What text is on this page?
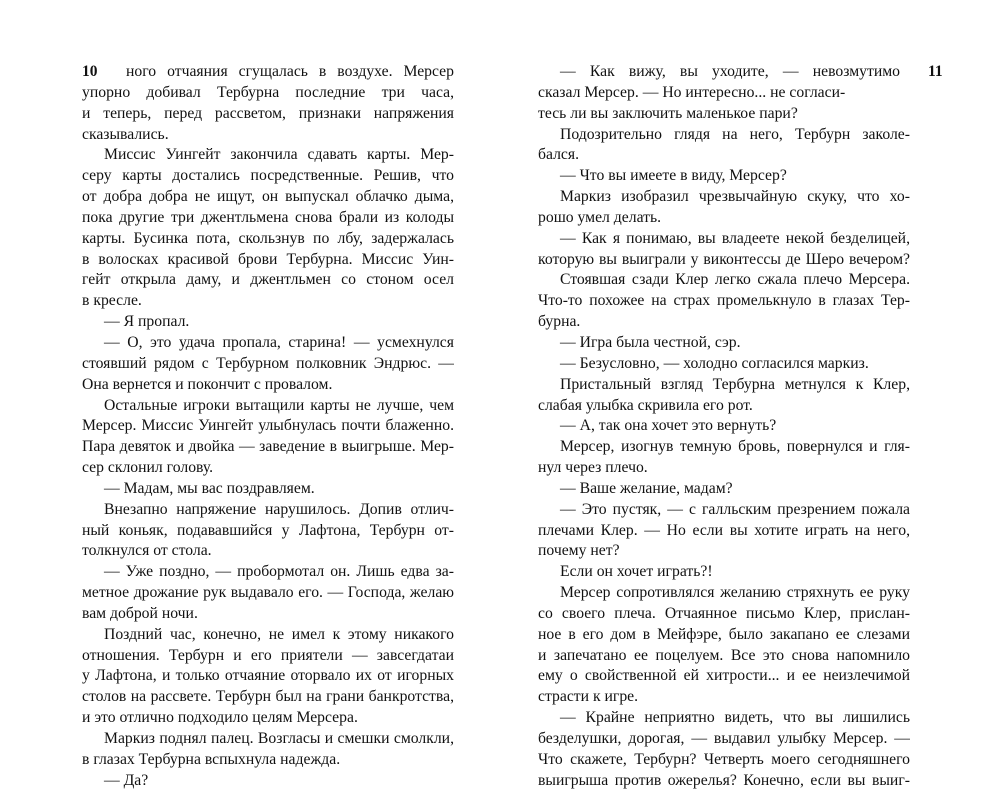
10	ного отчаяния сгущалась в воздухе. Мерсер
упорно добивал Тербурна последние три часа,
и теперь, перед рассветом, признаки напряжения
сказывались.
Миссис Уингейт закончила сдавать карты. Мер-
серу карты достались посредственные. Решив, что
от добра добра не ищут, он выпускал облачко дыма,
пока другие три джентльмена снова брали из колоды
карты. Бусинка пота, скользнув по лбу, задержалась
в волосках красивой брови Тербурна. Миссис Уин-
гейт открыла даму, и джентльмен со стоном осел
в кресле.
— Я пропал.
— О, это удача пропала, старина! — усмехнулся
стоявший рядом с Тербурном полковник Эндрюс. —
Она вернется и покончит с провалом.
Остальные игроки вытащили карты не лучше, чем
Мерсер. Миссис Уингейт улыбнулась почти блаженно.
Пара девяток и двойка — заведение в выигрыше. Мер-
сер склонил голову.
— Мадам, мы вас поздравляем.
Внезапно напряжение нарушилось. Допив отлич-
ный коньяк, подававшийся у Лафтона, Тербурн от-
толкнулся от стола.
— Уже поздно, — пробормотал он. Лишь едва за-
метное дрожание рук выдавало его. — Господа, желаю
вам доброй ночи.
Поздний час, конечно, не имел к этому никакого
отношения. Тербурн и его приятели — завсегдатаи
у Лафтона, и только отчаяние оторвало их от игорных
столов на рассвете. Тербурн был на грани банкротства,
и это отлично подходило целям Мерсера.
Маркиз поднял палец. Возгласы и смешки смолкли,
в глазах Тербурна вспыхнула надежда.
— Да?
11
— Как вижу, вы уходите, — невозмутимо
сказал Мерсер. — Но интересно... не согласи-
тесь ли вы заключить маленькое пари?
Подозрительно глядя на него, Тербурн заколе-
бался.
— Что вы имеете в виду, Мерсер?
Маркиз изобразил чрезвычайную скуку, что хо-
рошо умел делать.
— Как я понимаю, вы владеете некой безделицей,
которую вы выиграли у виконтессы де Шеро вечером?
Стоявшая сзади Клер легко сжала плечо Мерсера.
Что-то похожее на страх промелькнуло в глазах Тер-
бурна.
— Игра была честной, сэр.
— Безусловно, — холодно согласился маркиз.
Пристальный взгляд Тербурна метнулся к Клер,
слабая улыбка скривила его рот.
— А, так она хочет это вернуть?
Мерсер, изогнув темную бровь, повернулся и гля-
нул через плечо.
— Ваше желание, мадам?
— Это пустяк, — с галльским презрением пожала
плечами Клер. — Но если вы хотите играть на него,
почему нет?
Если он хочет играть?!
Мерсер сопротивлялся желанию стряхнуть ее руку
со своего плеча. Отчаянное письмо Клер, прислан-
ное в его дом в Мейфэре, было закапано ее слезами
и запечатано ее поцелуем. Все это снова напомнило
ему о свойственной ей хитрости... и ее неизлечимой
страсти к игре.
— Крайне неприятно видеть, что вы лишились
безделушки, дорогая, — выдавил улыбку Мерсер. —
Что скажете, Тербурн? Четверть моего сегодняшнего
выигрыша против ожерелья? Конечно, если вы выиг-
